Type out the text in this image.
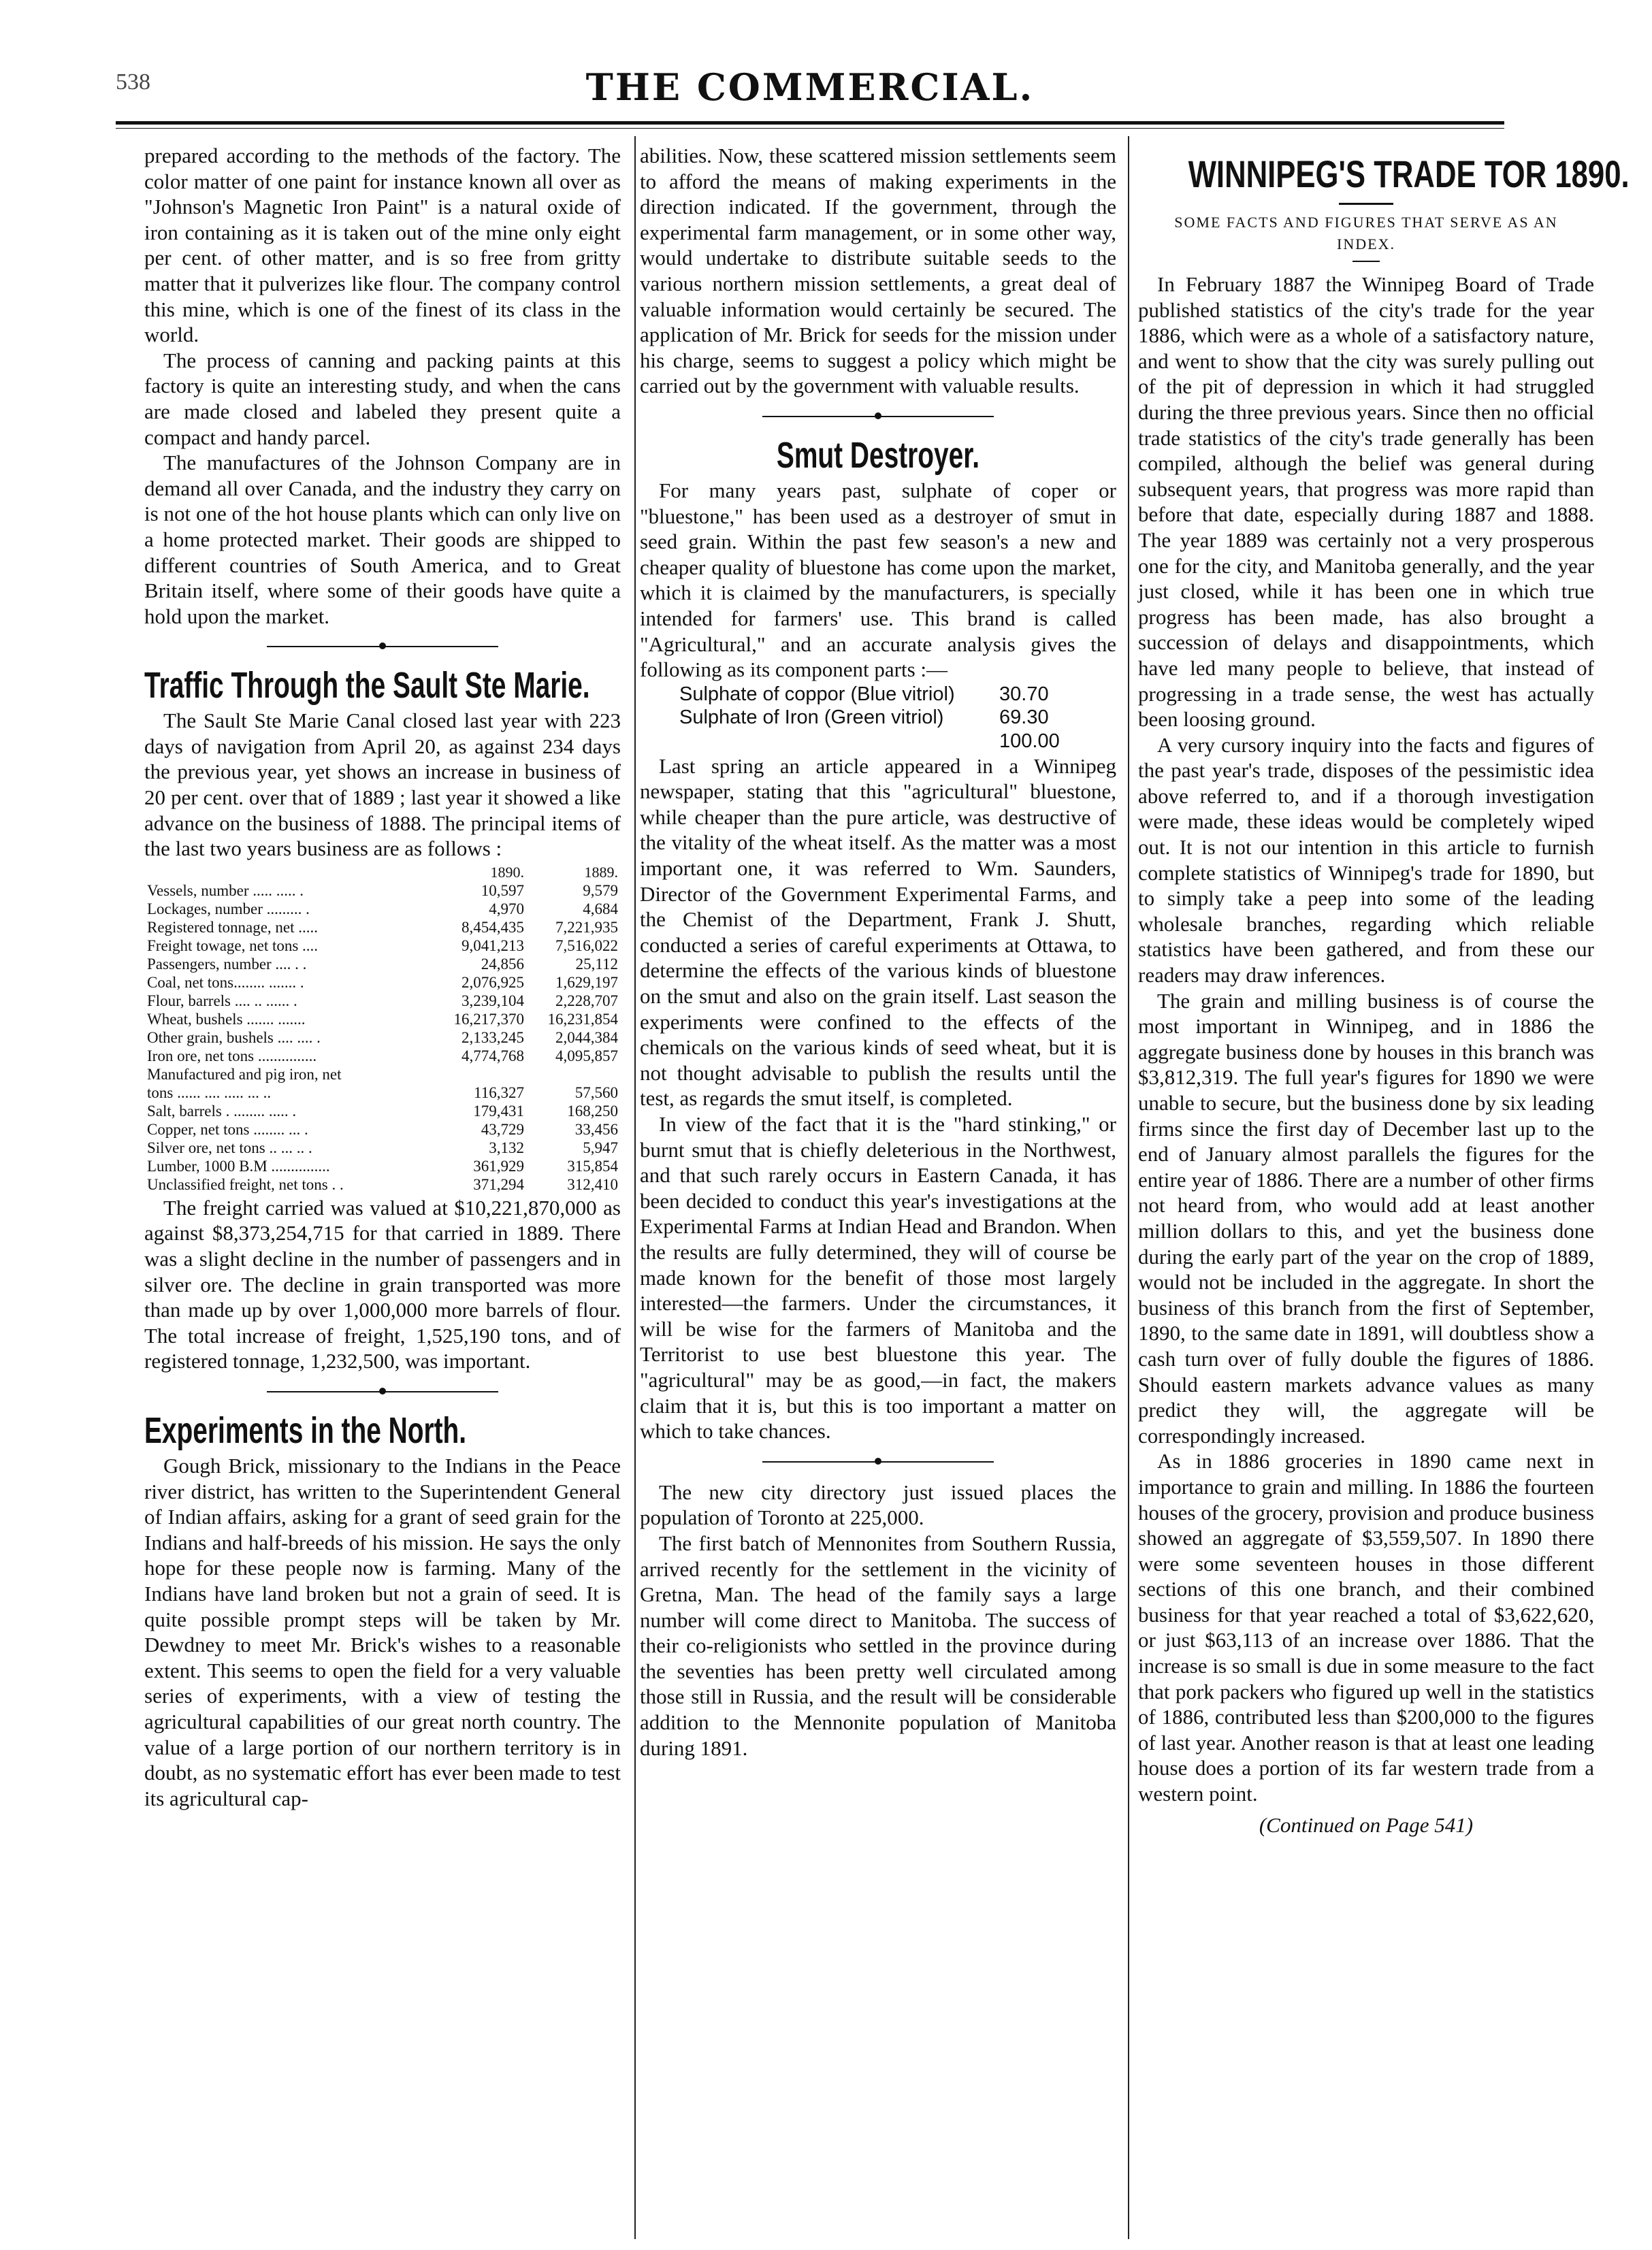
538	THE COMMERCIAL.

prepared according to the methods of the factory. The color matter of one paint for instance known all over as "Johnson's Magnetic Iron Paint" is a natural oxide of iron containing as it is taken out of the mine only eight per cent. of other matter, and is so free from gritty matter that it pulverizes like flour. The company control this mine, which is one of the finest of its class in the world.

The process of canning and packing paints at this factory is quite an interesting study, and when the cans are made closed and labeled they present quite a compact and handy parcel.

The manufactures of the Johnson Company are in demand all over Canada, and the industry they carry on is not one of the hot house plants which can only live on a home protected market. Their goods are shipped to different countries of South America, and to Great Britain itself, where some of their goods have quite a hold upon the market.

Traffic Through the Sault Ste Marie.

The Sault Ste Marie Canal closed last year with 223 days of navigation from April 20, as against 234 days the previous year, yet shows an increase in business of 20 per cent. over that of 1889 ; last year it showed a like advance on the business of 1888. The principal items of the last two years business are as follows :

	1890.	1889.
Vessels, number ..... ..... .	10,597	9,579
Lockages, number ......... .	4,970	4,684
Registered tonnage, net .....	8,454,435	7,221,935
Freight towage, net tons ....	9,041,213	7,516,022
Passengers, number .... . .	24,856	25,112
Coal, net tons........ ....... .	2,076,925	1,629,197
Flour, barrels .... .. ...... .	3,239,104	2,228,707
Wheat, bushels ....... .......	16,217,370	16,231,854
Other grain, bushels .... .... .	2,133,245	2,044,384
Iron ore, net tons ...............	4,774,768	4,095,857
Manufactured and pig iron, net		
tons ...... .... ..... ... ..	116,327	57,560
Salt, barrels . ........ ..... .	179,431	168,250
Copper, net tons ........ ... .	43,729	33,456
Silver ore, net tons .. ... .. .	3,132	5,947
Lumber, 1000 B.M ...............	361,929	315,854
Unclassified freight, net tons . .	371,294	312,410

The freight carried was valued at $10,221,870,000 as against $8,373,254,715 for that carried in 1889. There was a slight decline in the number of passengers and in silver ore. The decline in grain transported was more than made up by over 1,000,000 more barrels of flour. The total increase of freight, 1,525,190 tons, and of registered tonnage, 1,232,500, was important.

Experiments in the North.

Gough Brick, missionary to the Indians in the Peace river district, has written to the Superintendent General of Indian affairs, asking for a grant of seed grain for the Indians and half-breeds of his mission. He says the only hope for these people now is farming. Many of the Indians have land broken but not a grain of seed. It is quite possible prompt steps will be taken by Mr. Dewdney to meet Mr. Brick's wishes to a reasonable extent. This seems to open the field for a very valuable series of experiments, with a view of testing the agricultural capabilities of our great north country. The value of a large portion of our northern territory is in doubt, as no systematic effort has ever been made to test its agricultural cap-

abilities. Now, these scattered mission settlements seem to afford the means of making experiments in the direction indicated. If the government, through the experimental farm management, or in some other way, would undertake to distribute suitable seeds to the various northern mission settlements, a great deal of valuable information would certainly be secured. The application of Mr. Brick for seeds for the mission under his charge, seems to suggest a policy which might be carried out by the government with valuable results.

Smut Destroyer.

For many years past, sulphate of coper or "bluestone," has been used as a destroyer of smut in seed grain. Within the past few season's a new and cheaper quality of bluestone has come upon the market, which it is claimed by the manufacturers, is specially intended for farmers' use. This brand is called "Agricultural," and an accurate analysis gives the following as its component parts :—

Sulphate of coppor (Blue vitriol) 30.70
Sulphate of Iron (Green vitriol)	69.30
100.00

Last spring an article appeared in a Winnipeg newspaper, stating that this "agricultural" bluestone, while cheaper than the pure article, was destructive of the vitality of the wheat itself. As the matter was a most important one, it was referred to Wm. Saunders, Director of the Government Experimental Farms, and the Chemist of the Department, Frank J. Shutt, conducted a series of careful experiments at Ottawa, to determine the effects of the various kinds of bluestone on the smut and also on the grain itself. Last season the experiments were confined to the effects of the chemicals on the various kinds of seed wheat, but it is not thought advisable to publish the results until the test, as regards the smut itself, is completed.

In view of the fact that it is the "hard stinking," or burnt smut that is chiefly deleterious in the Northwest, and that such rarely occurs in Eastern Canada, it has been decided to conduct this year's investigations at the Experimental Farms at Indian Head and Brandon. When the results are fully determined, they will of course be made known for the benefit of those most largely interested—the farmers. Under the circumstances, it will be wise for the farmers of Manitoba and the Territorist to use best bluestone this year. The "agricultural" may be as good,—in fact, the makers claim that it is, but this is too important a matter on which to take chances.

The new city directory just issued places the population of Toronto at 225,000.

The first batch of Mennonites from Southern Russia, arrived recently for the settlement in the vicinity of Gretna, Man. The head of the family says a large number will come direct to Manitoba. The success of their co-religionists who settled in the province during the seventies has been pretty well circulated among those still in Russia, and the result will be considerable addition to the Mennonite population of Manitoba during 1891.

WINNIPEG'S TRADE TOR 1890.
SOME FACTS AND FIGURES THAT SERVE AS AN INDEX.

In February 1887 the Winnipeg Board of Trade published statistics of the city's trade for the year 1886, which were as a whole of a satisfactory nature, and went to show that the city was surely pulling out of the pit of depression in which it had struggled during the three previous years. Since then no official trade statistics of the city's trade generally has been compiled, although the belief was general during subsequent years, that progress was more rapid than before that date, especially during 1887 and 1888. The year 1889 was certainly not a very prosperous one for the city, and Manitoba generally, and the year just closed, while it has been one in which true progress has been made, has also brought a succession of delays and disappointments, which have led many people to believe, that instead of progressing in a trade sense, the west has actually been loosing ground.

A very cursory inquiry into the facts and figures of the past year's trade, disposes of the pessimistic idea above referred to, and if a thorough investigation were made, these ideas would be completely wiped out. It is not our intention in this article to furnish complete statistics of Winnipeg's trade for 1890, but to simply take a peep into some of the leading wholesale branches, regarding which reliable statistics have been gathered, and from these our readers may draw inferences.

The grain and milling business is of course the most important in Winnipeg, and in 1886 the aggregate business done by houses in this branch was $3,812,319. The full year's figures for 1890 we were unable to secure, but the business done by six leading firms since the first day of December last up to the end of January almost parallels the figures for the entire year of 1886. There are a number of other firms not heard from, who would add at least another million dollars to this, and yet the business done during the early part of the year on the crop of 1889, would not be included in the aggregate. In short the business of this branch from the first of September, 1890, to the same date in 1891, will doubtless show a cash turn over of fully double the figures of 1886. Should eastern markets advance values as many predict they will, the aggregate will be correspondingly increased.

As in 1886 groceries in 1890 came next in importance to grain and milling. In 1886 the fourteen houses of the grocery, provision and produce business showed an aggregate of $3,559,507. In 1890 there were some seventeen houses in those different sections of this one branch, and their combined business for that year reached a total of $3,622,620, or just $63,113 of an increase over 1886. That the increase is so small is due in some measure to the fact that pork packers who figured up well in the statistics of 1886, contributed less than $200,000 to the figures of last year. Another reason is that at least one leading house does a portion of its far western trade from a western point.

(Continued on Page 541)
